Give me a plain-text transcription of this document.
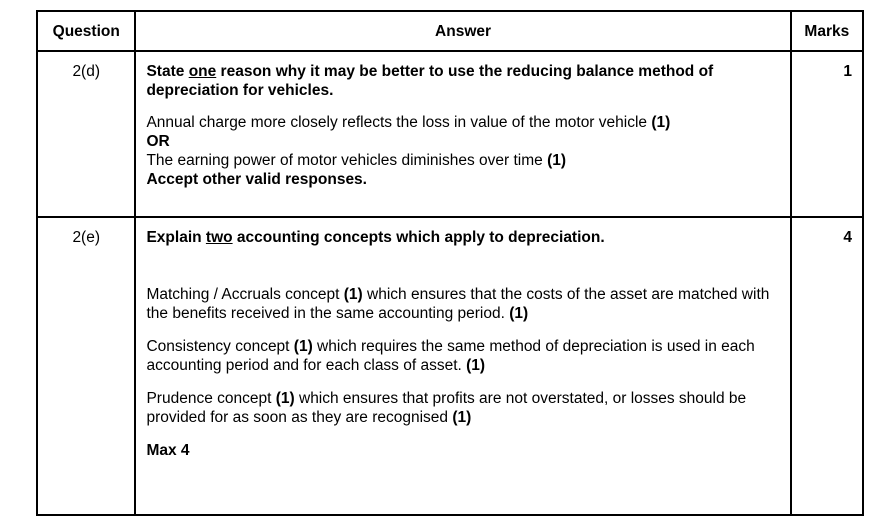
Question	Answer	Marks
2(d)	State one reason why it may be better to use the reducing balance method of depreciation for vehicles.

Annual charge more closely reflects the loss in value of the motor vehicle (1)

OR

The earning power of motor vehicles diminishes over time (1)

Accept other valid responses.	1
2(e)	Explain two accounting concepts which apply to depreciation.

Matching / Accruals concept (1) which ensures that the costs of the asset are matched with the benefits received in the same accounting period. (1)

Consistency concept (1) which requires the same method of depreciation is used in each accounting period and for each class of asset. (1)

Prudence concept (1) which ensures that profits are not overstated, or losses should be provided for as soon as they are recognised (1)

Max 4	4
